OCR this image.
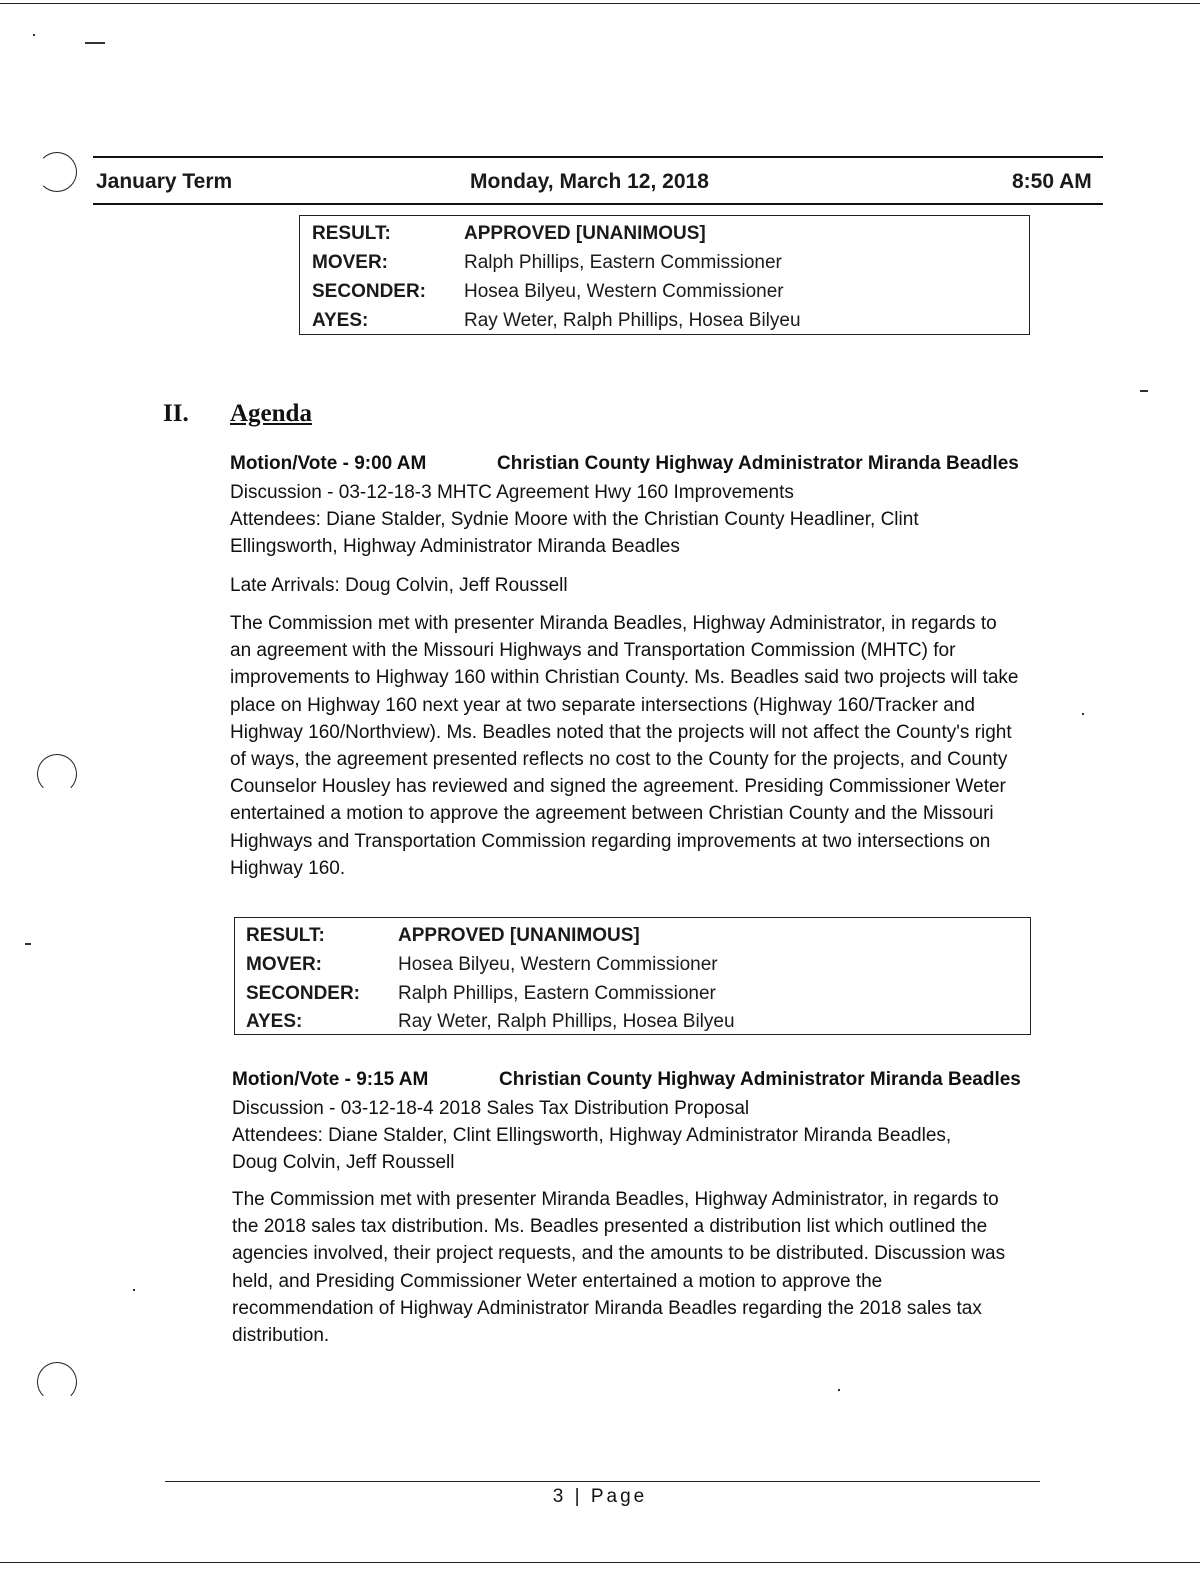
January Term	Monday, March 12, 2018	8:50 AM
RESULT:	APPROVED [UNANIMOUS]
MOVER:	Ralph Phillips, Eastern Commissioner
SECONDER: Hosea Bilyeu, Western Commissioner
AYES:	Ray Weter, Ralph Phillips, Hosea Bilyeu
II. Agenda
Motion/Vote - 9:00 AM	Christian County Highway Administrator Miranda Beadles
Discussion - 03-12-18-3 MHTC Agreement Hwy 160 Improvements
Attendees: Diane Stalder, Sydnie Moore with the Christian County Headliner, Clint
Ellingsworth, Highway Administrator Miranda Beadles
Late Arrivals: Doug Colvin, Jeff Roussell
The Commission met with presenter Miranda Beadles, Highway Administrator, in regards to an agreement with the Missouri Highways and Transportation Commission (MHTC) for improvements to Highway 160 within Christian County. Ms. Beadles said two projects will take place on Highway 160 next year at two separate intersections (Highway 160/Tracker and Highway 160/Northview). Ms. Beadles noted that the projects will not affect the County's right of ways, the agreement presented reflects no cost to the County for the projects, and County Counselor Housley has reviewed and signed the agreement. Presiding Commissioner Weter entertained a motion to approve the agreement between Christian County and the Missouri Highways and Transportation Commission regarding improvements at two intersections on Highway 160.
RESULT:	APPROVED [UNANIMOUS]
MOVER:	Hosea Bilyeu, Western Commissioner
SECONDER: Ralph Phillips, Eastern Commissioner
AYES:	Ray Weter, Ralph Phillips, Hosea Bilyeu
Motion/Vote - 9:15 AM	Christian County Highway Administrator Miranda Beadles
Discussion - 03-12-18-4 2018 Sales Tax Distribution Proposal
Attendees: Diane Stalder, Clint Ellingsworth, Highway Administrator Miranda Beadles,
Doug Colvin, Jeff Roussell
The Commission met with presenter Miranda Beadles, Highway Administrator, in regards to the 2018 sales tax distribution. Ms. Beadles presented a distribution list which outlined the agencies involved, their project requests, and the amounts to be distributed. Discussion was held, and Presiding Commissioner Weter entertained a motion to approve the recommendation of Highway Administrator Miranda Beadles regarding the 2018 sales tax distribution.
3 | Page
